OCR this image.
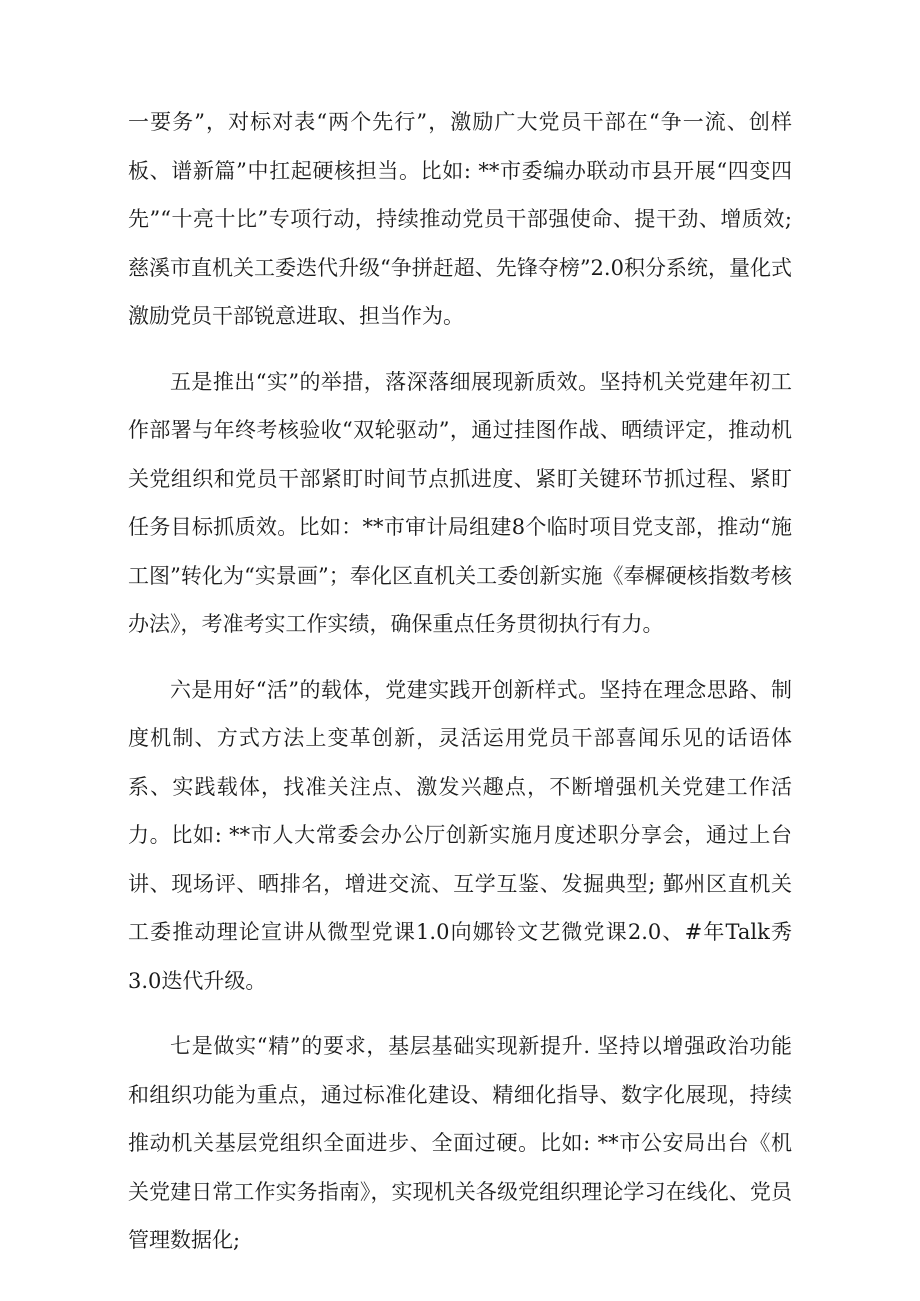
一要务”，对标对表“两个先行”，激励广大党员干部在“争一流、创样板、谱新篇”中扛起硬核担当。比如: **市委编办联动市县开展“四变四先”“十亮十比”专项行动，持续推动党员干部强使命、提干劲、增质效; 慈溪市直机关工委迭代升级“争拼赶超、先锋夺榜”2.0积分系统，量化式激励党员干部锐意进取、担当作为。

五是推出“实”的举措，落深落细展现新质效。坚持机关党建年初工作部署与年终考核验收“双轮驱动”，通过挂图作战、晒绩评定，推动机关党组织和党员干部紧盯时间节点抓进度、紧盯关键环节抓过程、紧盯任务目标抓质效。比如：**市审计局组建8个临时项目党支部，推动“施工图”转化为“实景画”；奉化区直机关工委创新实施《奉樨硬核指数考核办法》，考准考实工作实绩，确保重点任务贯彻执行有力。

六是用好“活”的载体，党建实践开创新样式。坚持在理念思路、制度机制、方式方法上变革创新，灵活运用党员干部喜闻乐见的话语体系、实践载体，找准关注点、激发兴趣点，不断增强机关党建工作活力。比如: **市人大常委会办公厅创新实施月度述职分享会，通过上台讲、现场评、晒排名，增进交流、互学互鉴、发掘典型; 鄞州区直机关工委推动理论宣讲从微型党课1.0向娜铃文艺微党课2.0、#年Talk秀3.0迭代升级。

七是做实“精”的要求，基层基础实现新提升. 坚持以增强政治功能和组织功能为重点，通过标准化建设、精细化指导、数字化展现，持续推动机关基层党组织全面进步、全面过硬。比如: **市公安局出台《机关党建日常工作实务指南》，实现机关各级党组织理论学习在线化、党员管理数据化;
